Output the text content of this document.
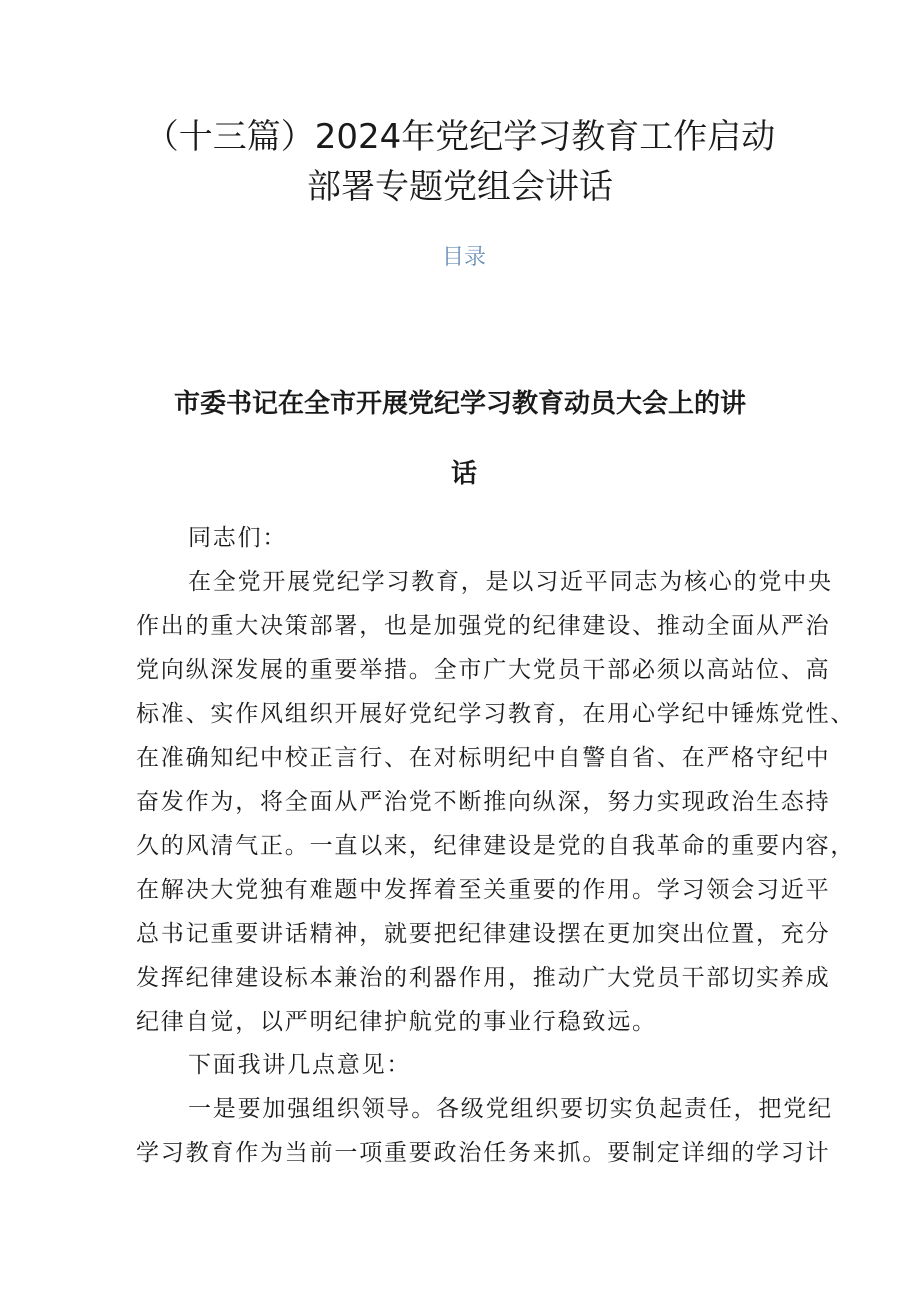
（十三篇）2024年党纪学习教育工作启动
部署专题党组会讲话
目录
市委书记在全市开展党纪学习教育动员大会上的讲
话
同志们：
在全党开展党纪学习教育，是以习近平同志为核心的党中央
作出的重大决策部署，也是加强党的纪律建设、推动全面从严治
党向纵深发展的重要举措。全市广大党员干部必须以高站位、高
标准、实作风组织开展好党纪学习教育，在用心学纪中锤炼党性、
在准确知纪中校正言行、在对标明纪中自警自省、在严格守纪中
奋发作为，将全面从严治党不断推向纵深，努力实现政治生态持
久的风清气正。一直以来，纪律建设是党的自我革命的重要内容，
在解决大党独有难题中发挥着至关重要的作用。学习领会习近平
总书记重要讲话精神，就要把纪律建设摆在更加突出位置，充分
发挥纪律建设标本兼治的利器作用，推动广大党员干部切实养成
纪律自觉，以严明纪律护航党的事业行稳致远。
下面我讲几点意见：
一是要加强组织领导。各级党组织要切实负起责任，把党纪
学习教育作为当前一项重要政治任务来抓。要制定详细的学习计
